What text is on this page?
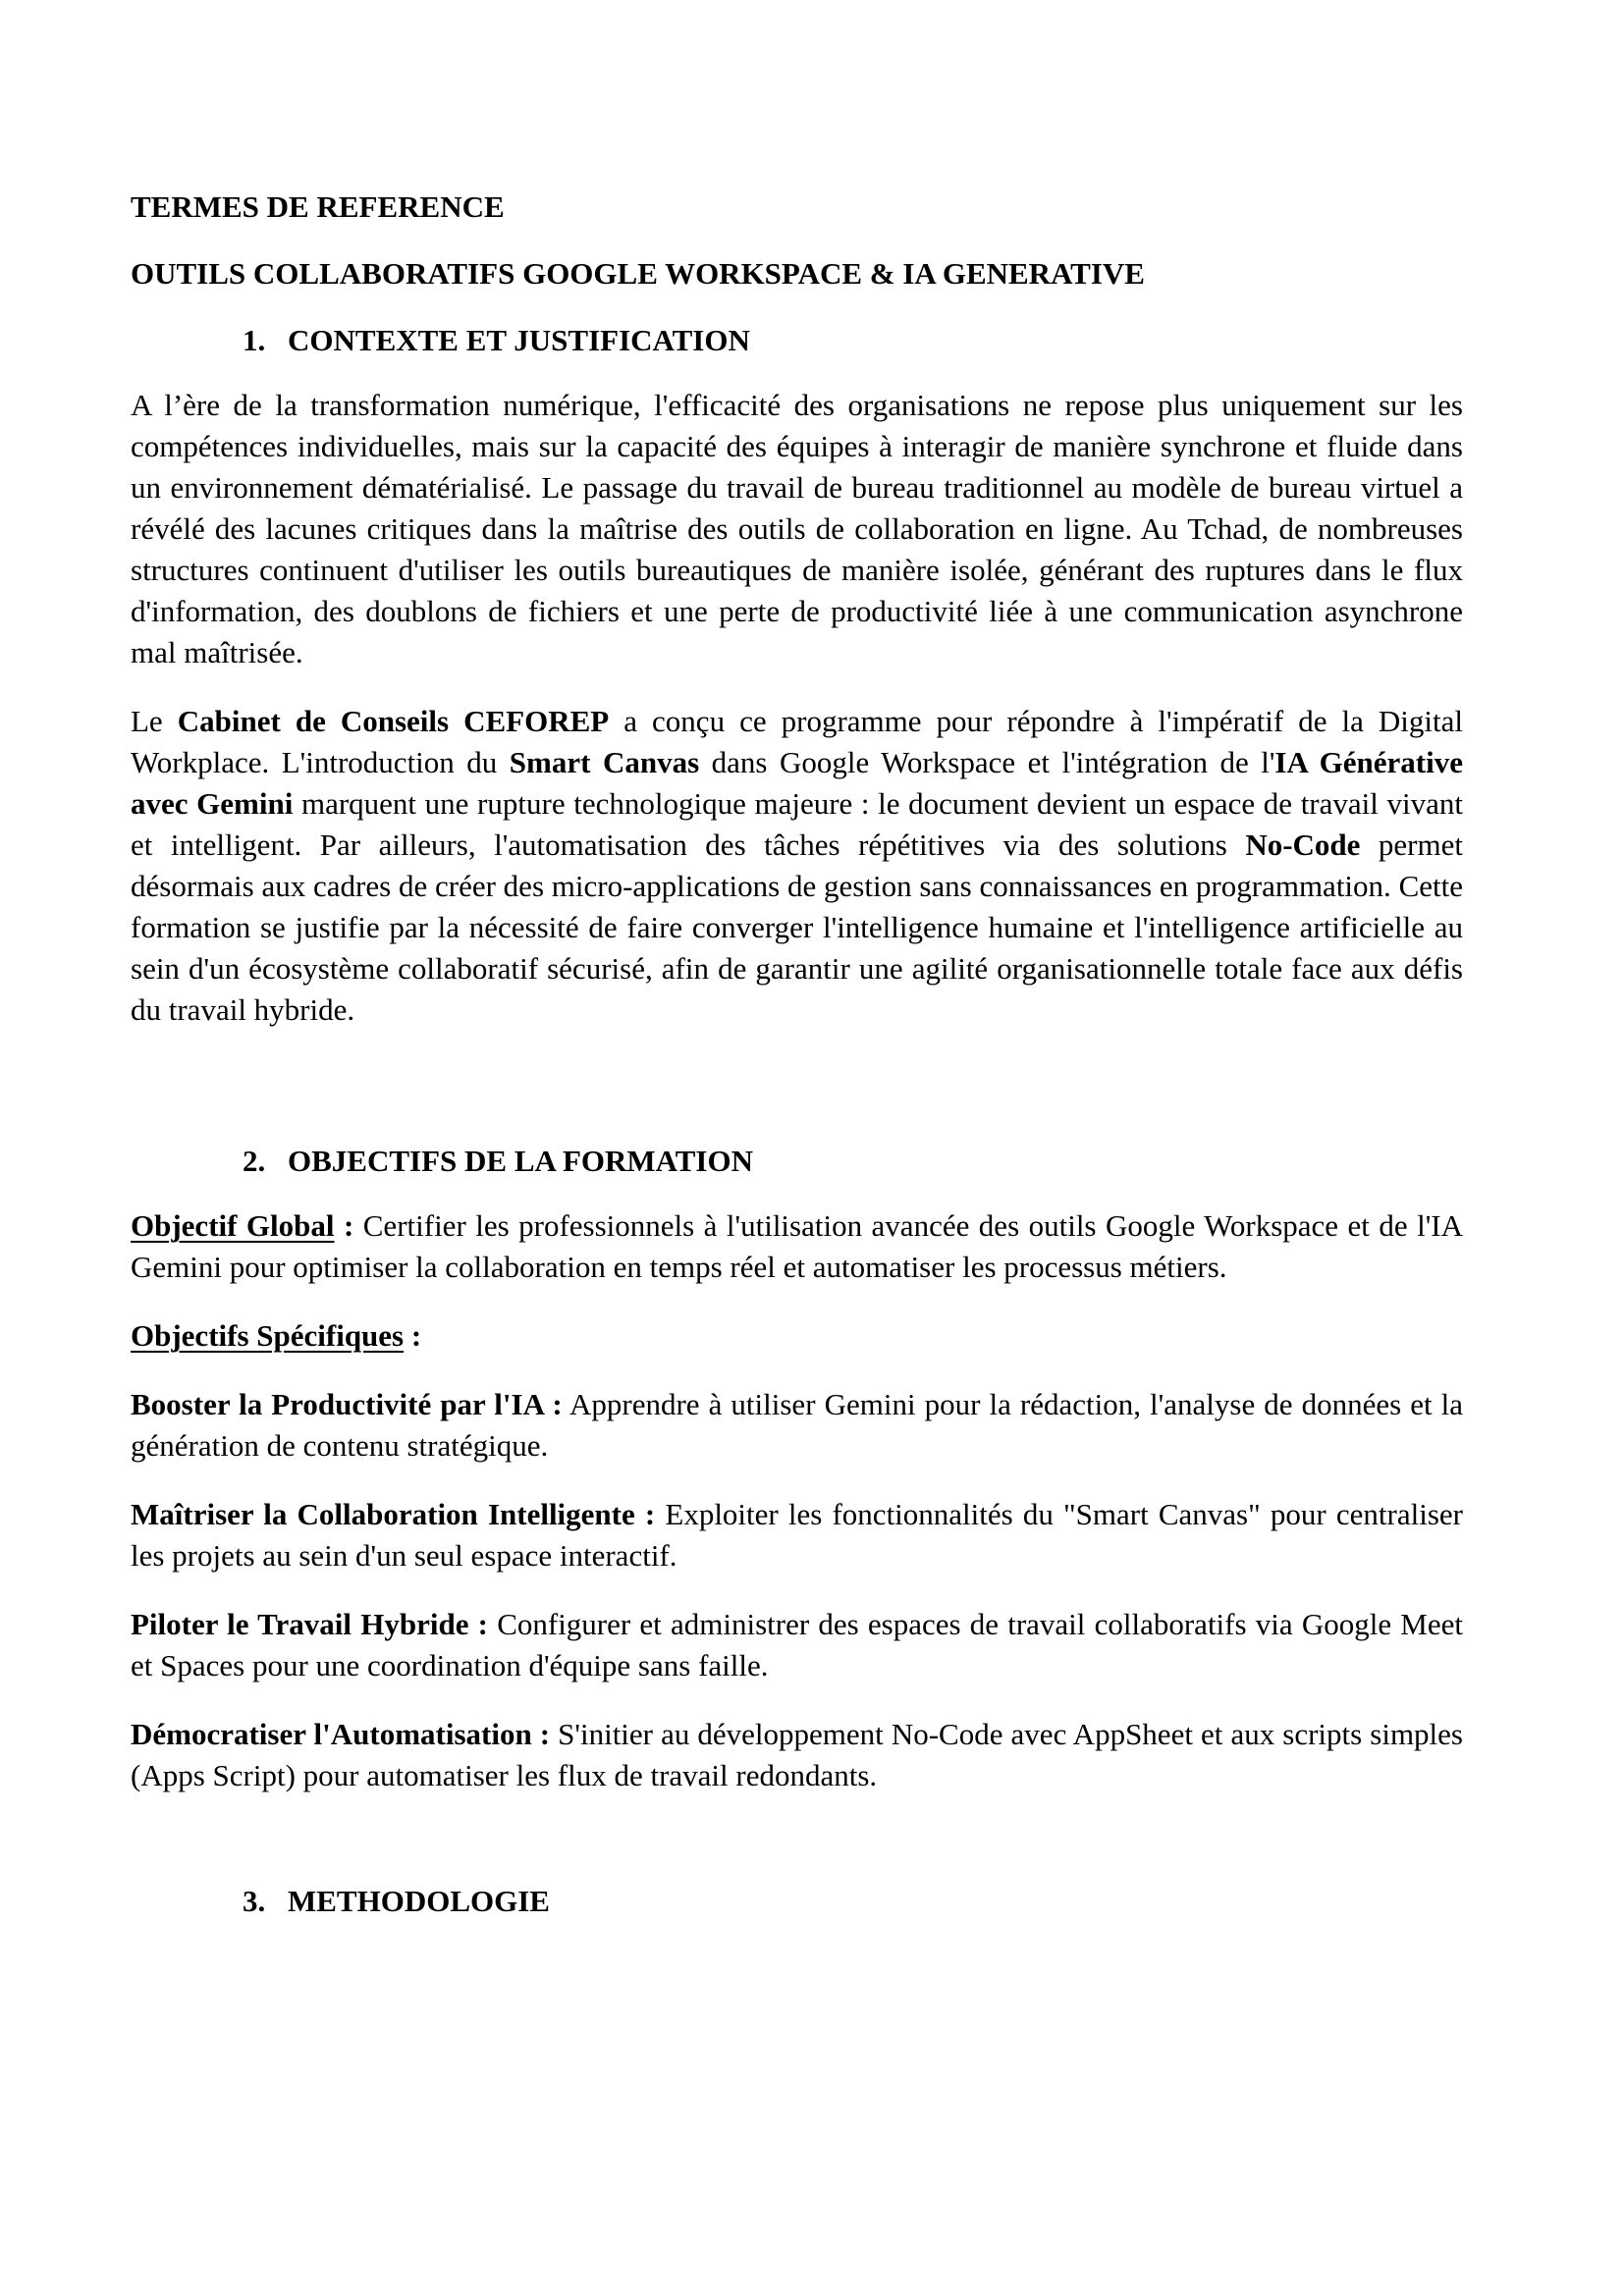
TERMES DE REFERENCE

OUTILS COLLABORATIFS GOOGLE WORKSPACE & IA GENERATIVE

1. CONTEXTE ET JUSTIFICATION

A l’ère de la transformation numérique, l'efficacité des organisations ne repose plus uniquement sur les compétences individuelles, mais sur la capacité des équipes à interagir de manière synchrone et fluide dans un environnement dématérialisé. Le passage du travail de bureau traditionnel au modèle de bureau virtuel a révélé des lacunes critiques dans la maîtrise des outils de collaboration en ligne. Au Tchad, de nombreuses structures continuent d'utiliser les outils bureautiques de manière isolée, générant des ruptures dans le flux d'information, des doublons de fichiers et une perte de productivité liée à une communication asynchrone mal maîtrisée.

Le Cabinet de Conseils CEFOREP a conçu ce programme pour répondre à l'impératif de la Digital Workplace. L'introduction du Smart Canvas dans Google Workspace et l'intégration de l'IA Générative avec Gemini marquent une rupture technologique majeure : le document devient un espace de travail vivant et intelligent. Par ailleurs, l'automatisation des tâches répétitives via des solutions No-Code permet désormais aux cadres de créer des micro-applications de gestion sans connaissances en programmation. Cette formation se justifie par la nécessité de faire converger l'intelligence humaine et l'intelligence artificielle au sein d'un écosystème collaboratif sécurisé, afin de garantir une agilité organisationnelle totale face aux défis du travail hybride.

2. OBJECTIFS DE LA FORMATION

Objectif Global : Certifier les professionnels à l'utilisation avancée des outils Google Workspace et de l'IA Gemini pour optimiser la collaboration en temps réel et automatiser les processus métiers.

Objectifs Spécifiques :

Booster la Productivité par l'IA : Apprendre à utiliser Gemini pour la rédaction, l'analyse de données et la génération de contenu stratégique.

Maîtriser la Collaboration Intelligente : Exploiter les fonctionnalités du "Smart Canvas" pour centraliser les projets au sein d'un seul espace interactif.

Piloter le Travail Hybride : Configurer et administrer des espaces de travail collaboratifs via Google Meet et Spaces pour une coordination d'équipe sans faille.

Démocratiser l'Automatisation : S'initier au développement No-Code avec AppSheet et aux scripts simples (Apps Script) pour automatiser les flux de travail redondants.

3. METHODOLOGIE
